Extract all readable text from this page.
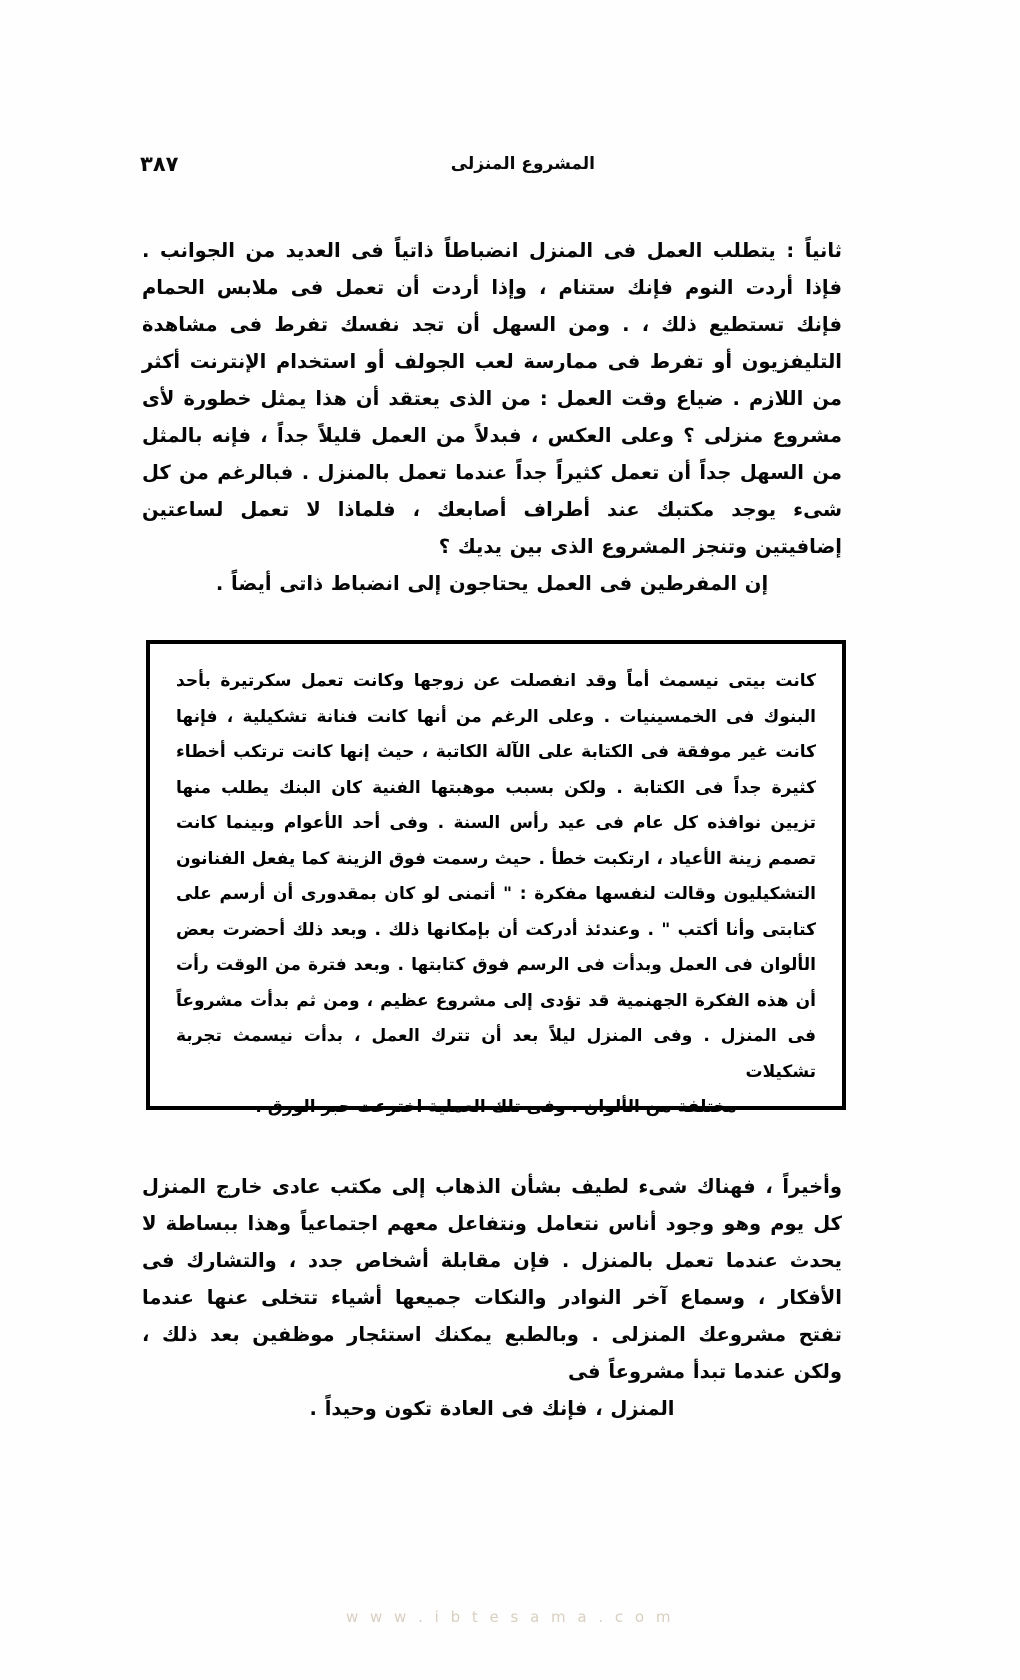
٣٨٧	المشروع المنزلى

ثانياً : يتطلب العمل فى المنزل انضباطاً ذاتياً فى العديد من الجوانب . فإذا أردت النوم فإنك ستنام ، وإذا أردت أن تعمل فى ملابس الحمام فإنك تستطيع ذلك ، . ومن السهل أن تجد نفسك تفرط فى مشاهدة التليفزيون أو تفرط فى ممارسة لعب الجولف أو استخدام الإنترنت أكثر من اللازم . ضياع وقت العمل : من الذى يعتقد أن هذا يمثل خطورة لأى مشروع منزلى ؟ وعلى العكس ، فبدلاً من العمل قليلاً جداً ، فإنه بالمثل من السهل جداً أن تعمل كثيراً جداً عندما تعمل بالمنزل . فبالرغم من كل شىء يوجد مكتبك عند أطراف أصابعك ، فلماذا لا تعمل لساعتين إضافيتين وتنجز المشروع الذى بين يديك ؟

إن المفرطين فى العمل يحتاجون إلى انضباط ذاتى أيضاً .

كانت بيتى نيسمث أماً وقد انفصلت عن زوجها وكانت تعمل سكرتيرة بأحد البنوك فى الخمسينيات . وعلى الرغم من أنها كانت فنانة تشكيلية ، فإنها كانت غير موفقة فى الكتابة على الآلة الكاتبة ، حيث إنها كانت ترتكب أخطاء كثيرة جداً فى الكتابة . ولكن بسبب موهبتها الفنية كان البنك يطلب منها تزيين نوافذه كل عام فى عيد رأس السنة . وفى أحد الأعوام وبينما كانت تصمم زينة الأعياد ، ارتكبت خطأ . حيث رسمت فوق الزينة كما يفعل الفنانون التشكيليون وقالت لنفسها مفكرة : " أتمنى لو كان بمقدورى أن أرسم على كتابتى وأنا أكتب " . وعندئذ أدركت أن بإمكانها ذلك . وبعد ذلك أحضرت بعض الألوان فى العمل وبدأت فى الرسم فوق كتابتها . وبعد فترة من الوقت رأت أن هذه الفكرة الجهنمية قد تؤدى إلى مشروع عظيم ، ومن ثم بدأت مشروعاً فى المنزل . وفى المنزل ليلاً بعد أن تترك العمل ، بدأت نيسمث تجربة تشكيلات

مختلفة من الألوان ، وفى تلك العملية اخترعت حبر الورق .

وأخيراً ، فهناك شىء لطيف بشأن الذهاب إلى مكتب عادى خارج المنزل كل يوم وهو وجود أناس نتعامل ونتفاعل معهم اجتماعياً وهذا ببساطة لا يحدث عندما تعمل بالمنزل . فإن مقابلة أشخاص جدد ، والتشارك فى الأفكار ، وسماع آخر النوادر والنكات جميعها أشياء تتخلى عنها عندما تفتح مشروعك المنزلى . وبالطبع يمكنك استئجار موظفين بعد ذلك ، ولكن عندما تبدأ مشروعاً فى

المنزل ، فإنك فى العادة تكون وحيداً .

w w w . i b t e s a m a . c o m
